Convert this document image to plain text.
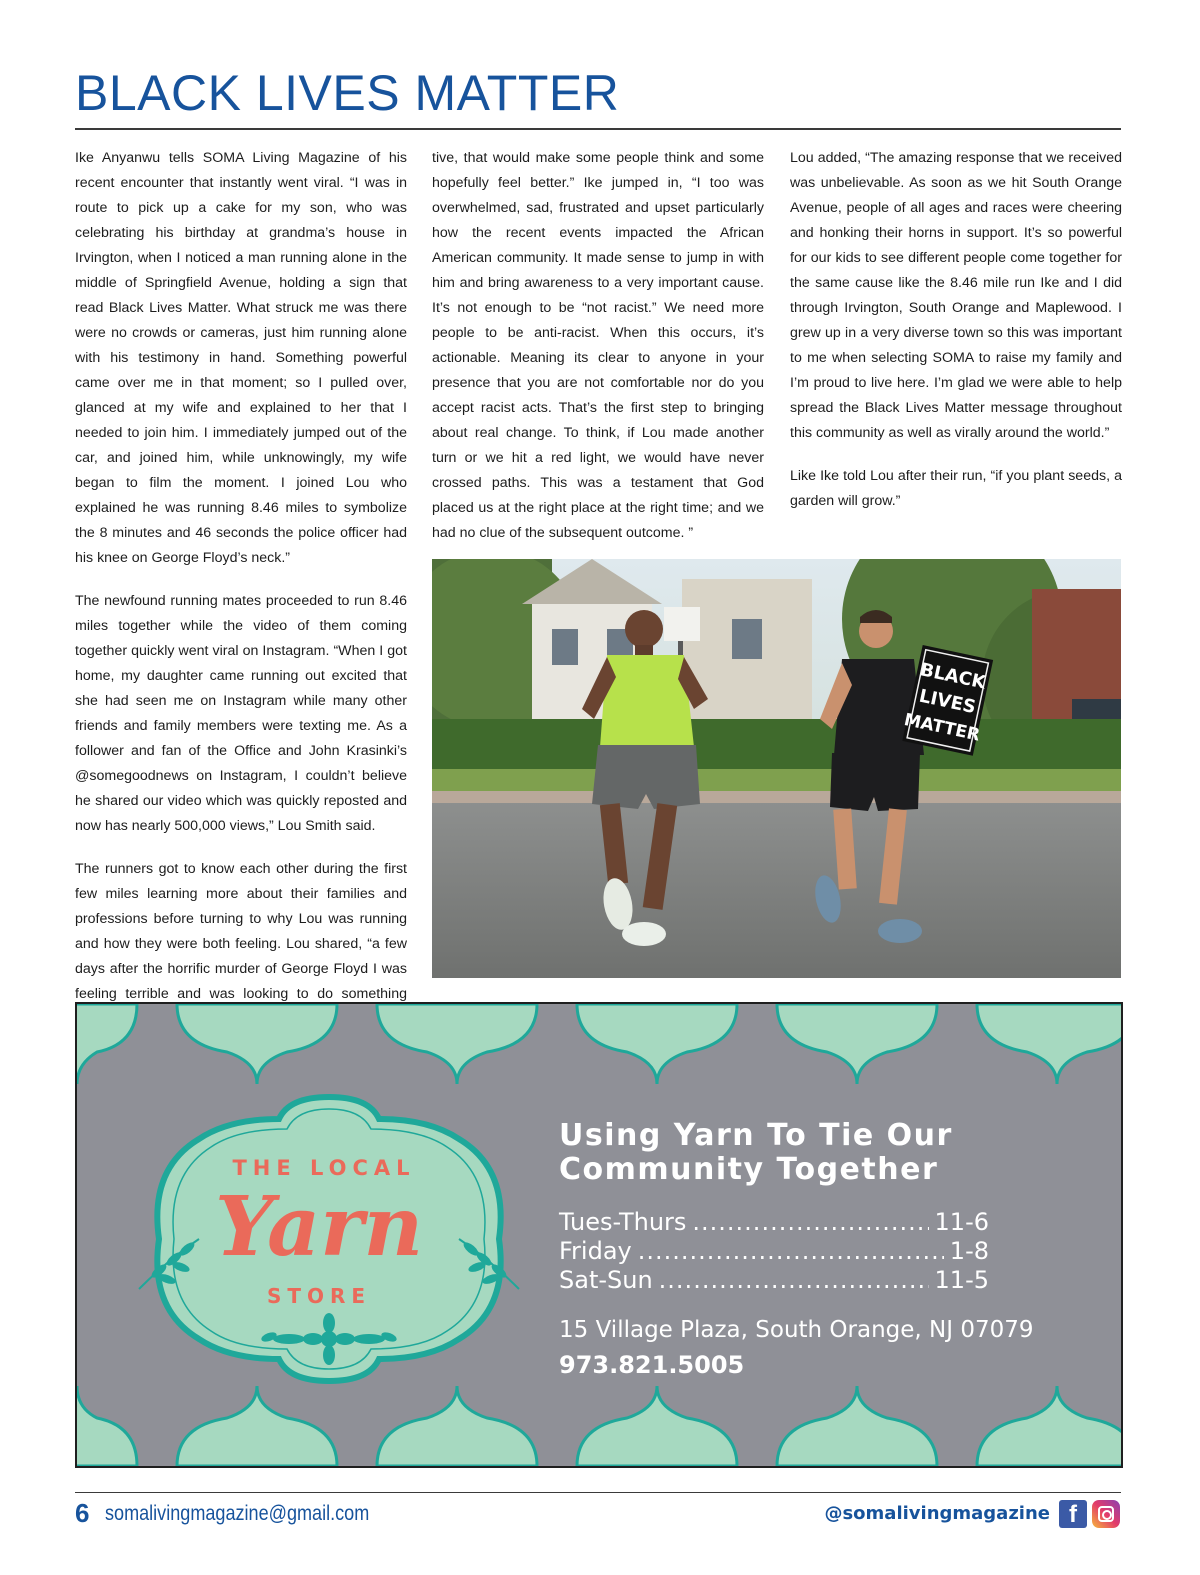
BLACK LIVES MATTER

Ike Anyanwu tells SOMA Living Magazine of his recent encounter that instantly went viral. “I was in route to pick up a cake for my son, who was celebrating his birthday at grandma’s house in Irvington, when I noticed a man running alone in the middle of Springfield Avenue, holding a sign that read Black Lives Matter. What struck me was there were no crowds or cameras, just him running alone with his testimony in hand. Something powerful came over me in that moment; so I pulled over, glanced at my wife and explained to her that I needed to join him. I immediately jumped out of the car, and joined him, while unknowingly, my wife began to film the moment. I joined Lou who explained he was running 8.46 miles to symbolize the 8 minutes and 46 seconds the police officer had his knee on George Floyd’s neck.”

The newfound running mates proceeded to run 8.46 miles together while the video of them coming together quickly went viral on Instagram. “When I got home, my daughter came running out excited that she had seen me on Instagram while many other friends and family members were texting me. As a follower and fan of the Office and John Krasinki’s @somegoodnews on Instagram, I couldn’t believe he shared our video which was quickly reposted and now has nearly 500,000 views,” Lou Smith said.

The runners got to know each other during the first few miles learning more about their families and professions before turning to why Lou was running and how they were both feeling. Lou shared, “a few days after the horrific murder of George Floyd I was feeling terrible and was looking to do something

tive, that would make some people think and some hopefully feel better.” Ike jumped in, “I too was overwhelmed, sad, frustrated and upset particularly how the recent events impacted the African American community. It made sense to jump in with him and bring awareness to a very important cause. It’s not enough to be “not racist.” We need more people to be anti-racist. When this occurs, it’s actionable. Meaning its clear to anyone in your presence that you are not comfortable nor do you accept racist acts. That’s the first step to bringing about real change. To think, if Lou made another turn or we hit a red light, we would have never crossed paths. This was a testament that God placed us at the right place at the right time; and we had no clue of the subsequent outcome. ”

Lou added, “The amazing response that we received was unbelievable. As soon as we hit South Orange Avenue, people of all ages and races were cheering and honking their horns in support. It’s so powerful for our kids to see different people come together for the same cause like the 8.46 mile run Ike and I did through Irvington, South Orange and Maplewood. I grew up in a very diverse town so this was important to me when selecting SOMA to raise my family and I’m proud to live here. I’m glad we were able to help spread the Black Lives Matter message throughout this community as well as virally around the world.”

Like Ike told Lou after their run, “if you plant seeds, a garden will grow.”

BLACK
LIVES
MATTER
THE LOCAL
Yarn
STORE
Using Yarn To Tie Our
Community Together
Tues-Thurs .....	11-6
Friday .....	1-8
Sat-Sun .....	11-5
15 Village Plaza, South Orange, NJ 07079
973.821.5005
6 somalivingmagazine@gmail.com	@somalivingmagazine f
